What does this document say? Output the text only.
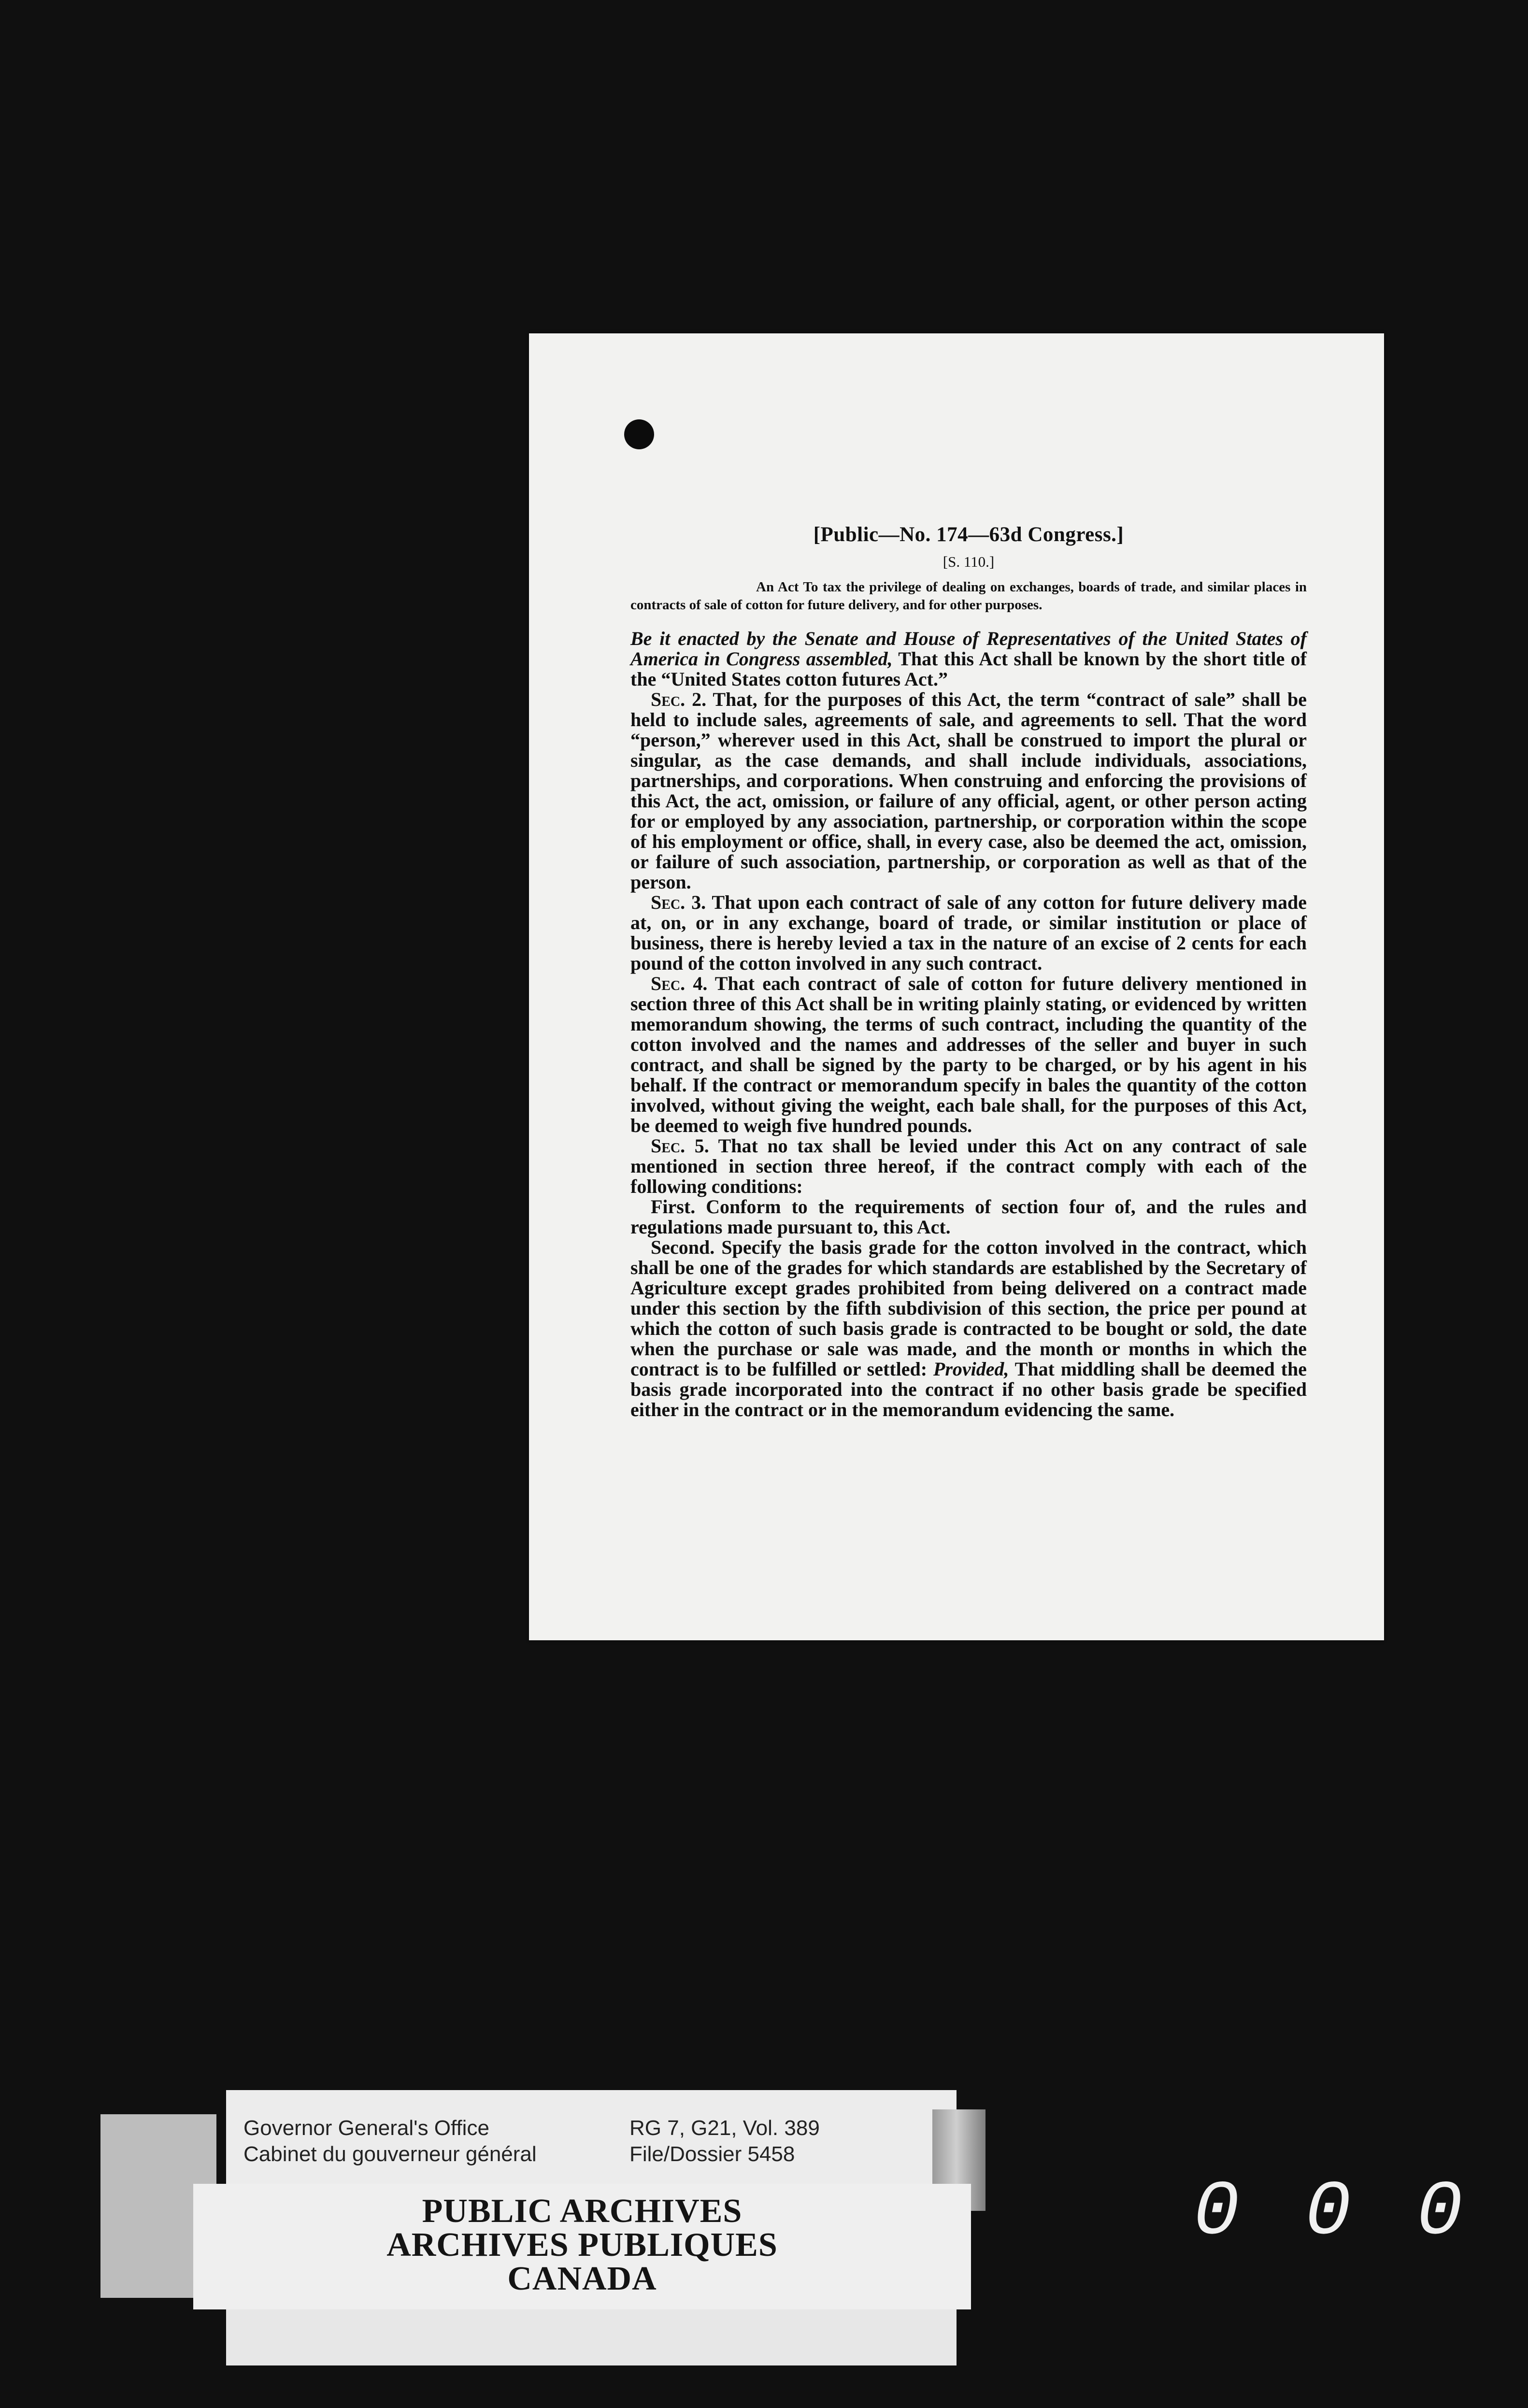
[Public—No. 174—63d Congress.]

[S. 110.]

An Act To tax the privilege of dealing on exchanges, boards of trade, and similar places in contracts of sale of cotton for future delivery, and for other purposes.

Be it enacted by the Senate and House of Representatives of the United States of America in Congress assembled, That this Act shall be known by the short title of the “United States cotton futures Act.”

Sec. 2. That, for the purposes of this Act, the term “contract of sale” shall be held to include sales, agreements of sale, and agreements to sell. That the word “person,” wherever used in this Act, shall be construed to import the plural or singular, as the case demands, and shall include individuals, associations, partnerships, and corporations. When construing and enforcing the provisions of this Act, the act, omission, or failure of any official, agent, or other person acting for or employed by any association, partnership, or corporation within the scope of his employment or office, shall, in every case, also be deemed the act, omission, or failure of such association, partnership, or corporation as well as that of the person.

Sec. 3. That upon each contract of sale of any cotton for future delivery made at, on, or in any exchange, board of trade, or similar institution or place of business, there is hereby levied a tax in the nature of an excise of 2 cents for each pound of the cotton involved in any such contract.

Sec. 4. That each contract of sale of cotton for future delivery mentioned in section three of this Act shall be in writing plainly stating, or evidenced by written memorandum showing, the terms of such contract, including the quantity of the cotton involved and the names and addresses of the seller and buyer in such contract, and shall be signed by the party to be charged, or by his agent in his behalf. If the contract or memorandum specify in bales the quantity of the cotton involved, without giving the weight, each bale shall, for the purposes of this Act, be deemed to weigh five hundred pounds.

Sec. 5. That no tax shall be levied under this Act on any contract of sale mentioned in section three hereof, if the contract comply with each of the following conditions:

First. Conform to the requirements of section four of, and the rules and regulations made pursuant to, this Act.

Second. Specify the basis grade for the cotton involved in the contract, which shall be one of the grades for which standards are established by the Secretary of Agriculture except grades prohibited from being delivered on a contract made under this section by the fifth subdivision of this section, the price per pound at which the cotton of such basis grade is contracted to be bought or sold, the date when the purchase or sale was made, and the month or months in which the contract is to be fulfilled or settled: Provided, That middling shall be deemed the basis grade incorporated into the contract if no other basis grade be specified either in the contract or in the memorandum evidencing the same.

Governor General's Office
Cabinet du gouverneur général
RG 7, G21, Vol. 389
File/Dossier 5458
PUBLIC ARCHIVES
ARCHIVES PUBLIQUES
CANADA
000
